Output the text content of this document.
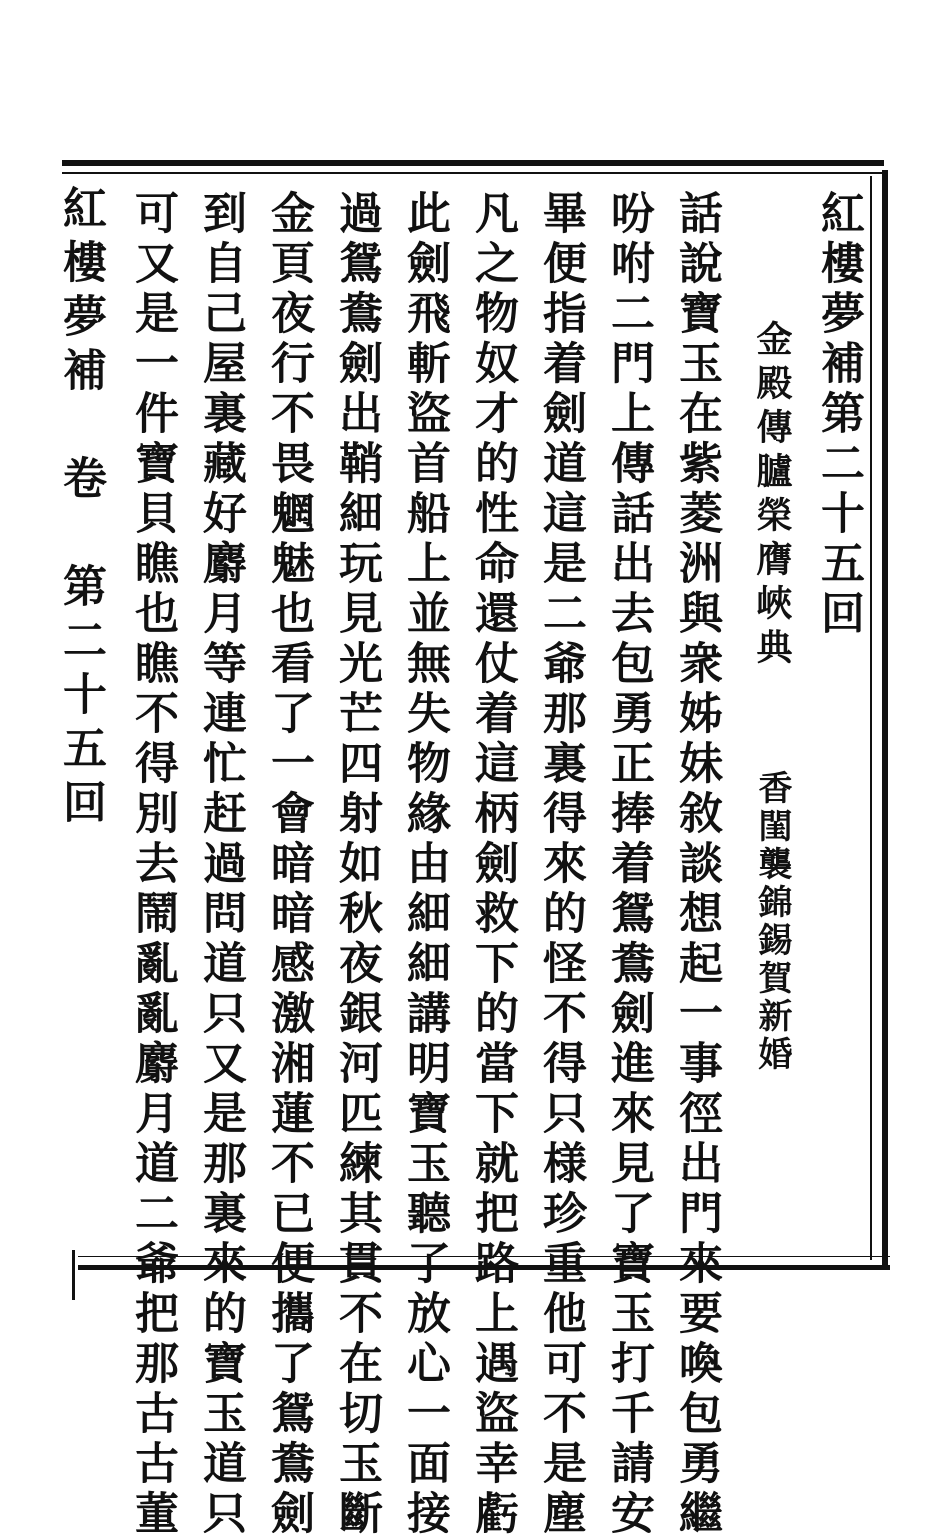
紅樓夢補第二十五回
金殿傳臚榮膺峽典
香閨襲錦錫賀新婚
話說寶玉在紫菱洲與衆姊妹敘談想起一事徑出門來要喚包勇繼
吩咐二門上傳話出去包勇正捧着鴛鴦劍進來見了寶玉打千請安
畢便指着劍道這是二爺那裏得來的怪不得只様珍重他可不是塵
凡之物奴才的性命還仗着這柄劍救下的當下就把路上遇盜幸虧
此劍飛斬盜首船上並無失物緣由細細講明寶玉聽了放心一面接
過鴛鴦劍出鞘細玩見光芒四射如秋夜銀河匹練其貫不在切玉斷
金頁夜行不畏魍魅也看了一會暗暗感激湘蓮不已便攜了鴛鴦劍
到自己屋裏藏好麝月等連忙赶過問道只又是那裏來的寶玉道只
可又是一件寶貝瞧也瞧不得別去鬧亂亂麝月道二爺把那古古董
紅樓夢補　卷　第二十五回
